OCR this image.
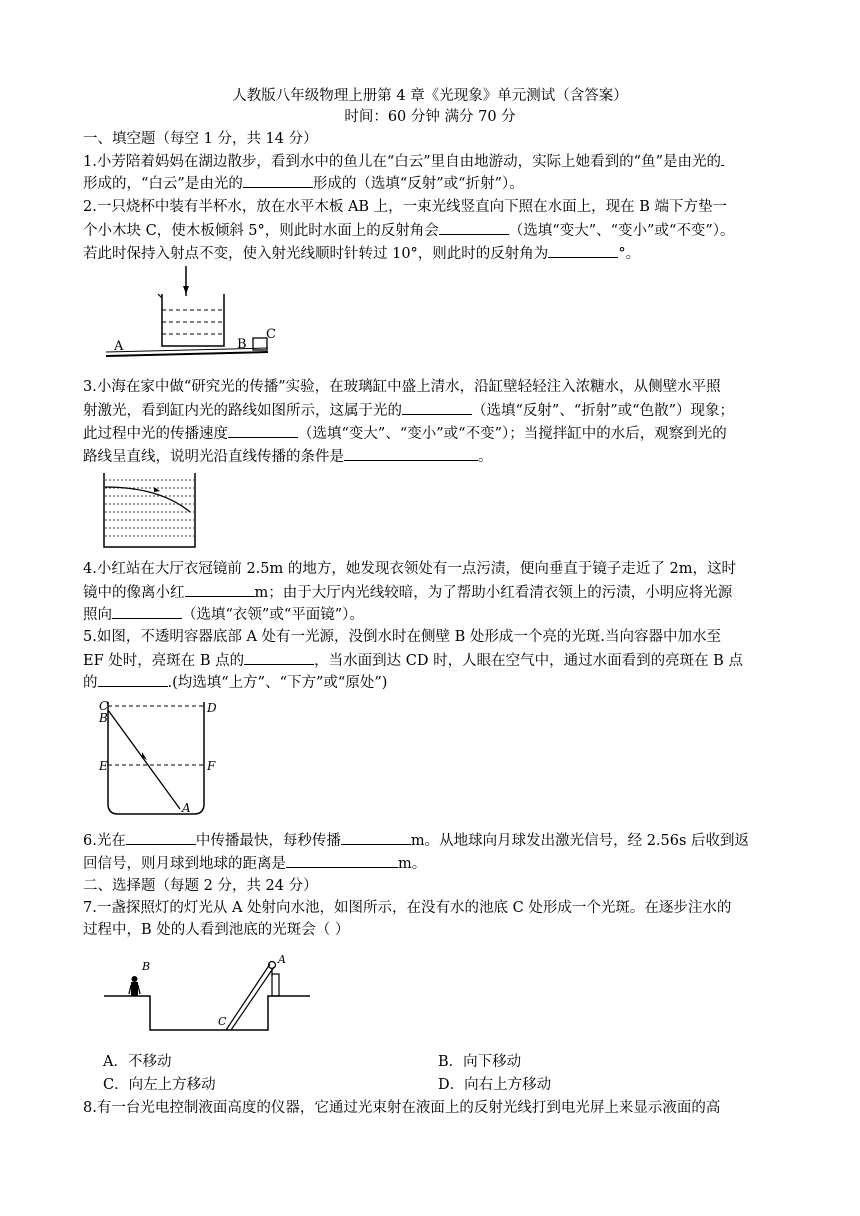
人教版八年级物理上册第 4 章《光现象》单元测试（含答案）
时间：60 分钟 满分 70 分
一、填空题（每空 1 分，共 14 分）
1.小芳陪着妈妈在湖边散步，看到水中的鱼儿在“白云”里自由地游动，实际上她看到的“鱼”是由光的
形成的，“白云”是由光的	形成的（选填“反射”或“折射”）。
2.一只烧杯中装有半杯水，放在水平木板 AB 上，一束光线竖直向下照在水面上，现在 B 端下方垫一
个小木块 C，使木板倾斜 5°，则此时水面上的反射角会	（选填“变大”、“变小”或“不变”）。
若此时保持入射点不变，使入射光线顺时针转过 10°，则此时的反射角为	°。
A	B
C
3.小海在家中做“研究光的传播”实验，在玻璃缸中盛上清水，沿缸壁轻轻注入浓糖水，从侧壁水平照
射激光，看到缸内光的路线如图所示，这属于光的	（选填“反射”、“折射”或“色散”）现象；
此过程中光的传播速度	（选填“变大”、“变小”或“不变”）；当搅拌缸中的水后，观察到光的
路线呈直线，说明光沿直线传播的条件是	。
4.小红站在大厅衣冠镜前 2.5m 的地方，她发现衣领处有一点污渍，便向垂直于镜子走近了 2m，这时
镜中的像离小红	m；由于大厅内光线较暗，为了帮助小红看清衣领上的污渍，小明应将光源
照向	（选填“衣领”或“平面镜”）。
5.如图，不透明容器底部 A 处有一光源，没倒水时在侧壁 B 处形成一个亮的光斑.当向容器中加水至
EF 处时，亮斑在 B 点的	，当水面到达 CD 时，人眼在空气中，通过水面看到的亮斑在 B 点
的	.(均选填“上方”、“下方”或“原处”)
C
B
D
E	F
A
6.光在	中传播最快，每秒传播	m。从地球向月球发出激光信号，经 2.56s 后收到返
回信号，则月球到地球的距离是	m。
二、选择题（每题 2 分，共 24 分）
7.一盏探照灯的灯光从 A 处射向水池，如图所示，在没有水的池底 C 处形成一个光斑。在逐步注水的
过程中，B 处的人看到池底的光斑会（ ）
B
A
C
A．不移动	B．向下移动
C．向左上方移动	D．向右上方移动
8.有一台光电控制液面高度的仪器，它通过光束射在液面上的反射光线打到电光屏上来显示液面的高
